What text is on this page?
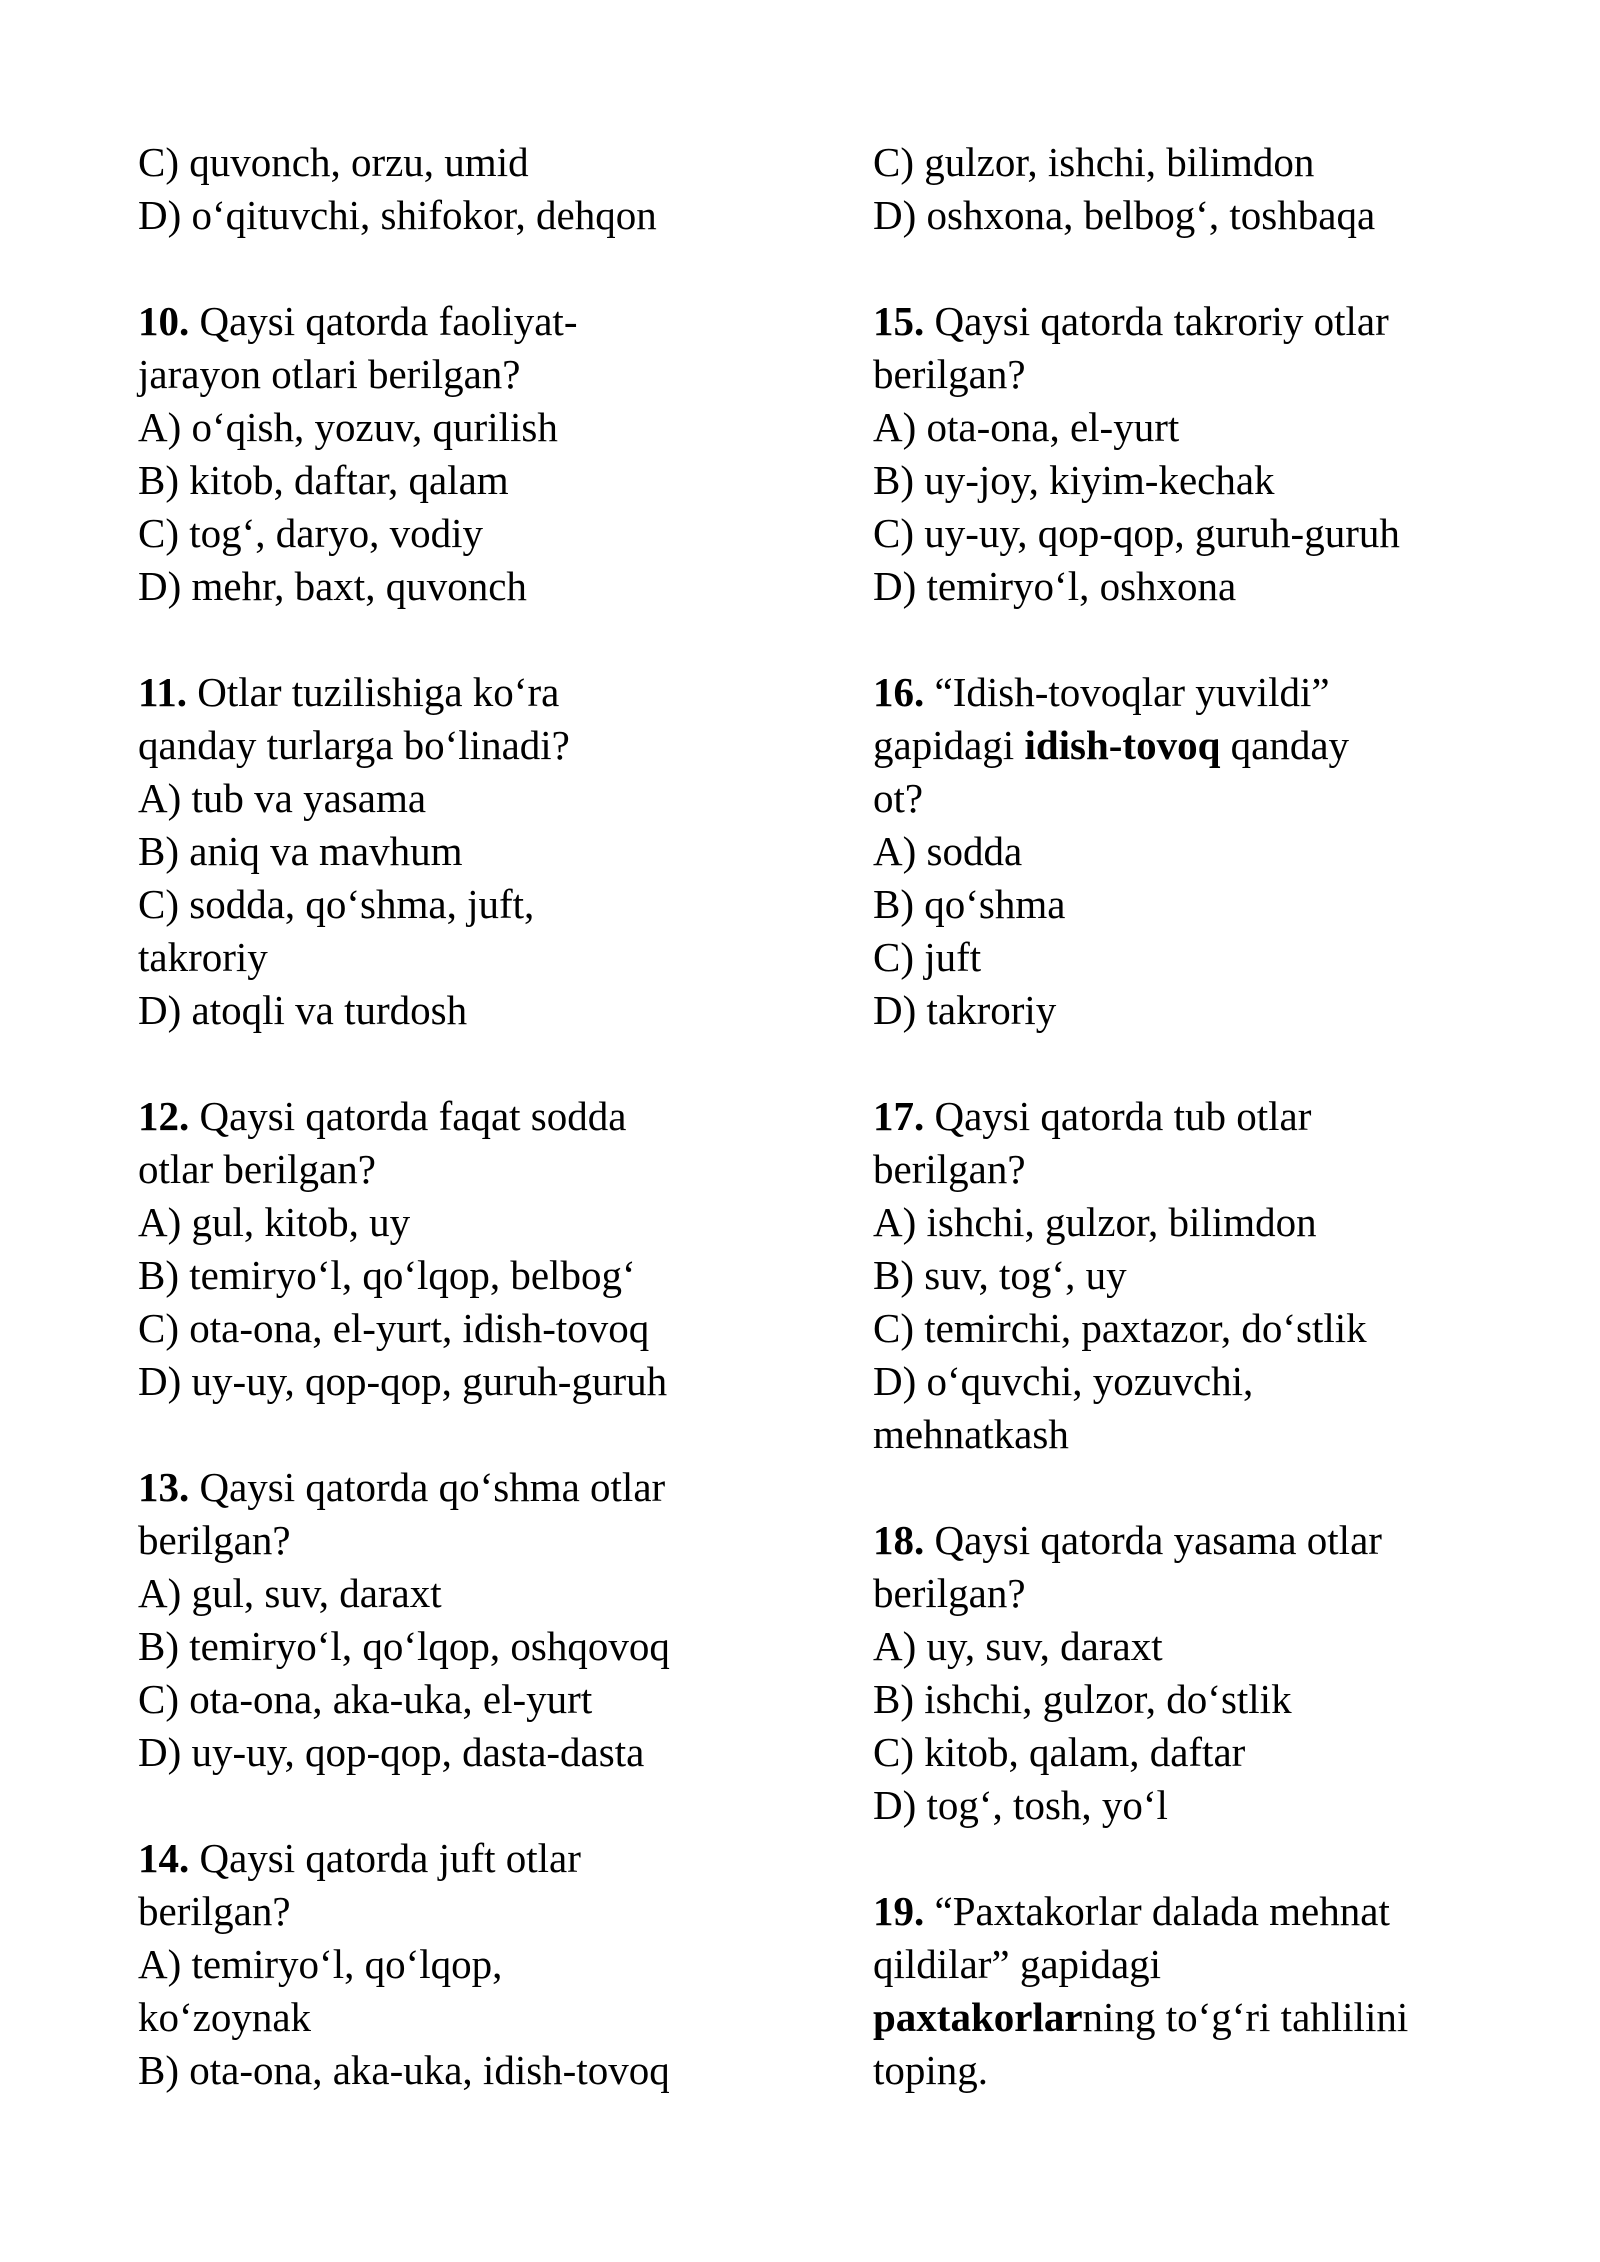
C) quvonch, orzu, umid
D) o‘qituvchi, shifokor, dehqon
10. Qaysi qatorda faoliyat-
jarayon otlari berilgan?
A) o‘qish, yozuv, qurilish
B) kitob, daftar, qalam
C) tog‘, daryo, vodiy
D) mehr, baxt, quvonch
11. Otlar tuzilishiga ko‘ra
qanday turlarga bo‘linadi?
A) tub va yasama
B) aniq va mavhum
C) sodda, qo‘shma, juft,
takroriy
D) atoqli va turdosh
12. Qaysi qatorda faqat sodda
otlar berilgan?
A) gul, kitob, uy
B) temiryo‘l, qo‘lqop, belbog‘
C) ota-ona, el-yurt, idish-tovoq
D) uy-uy, qop-qop, guruh-guruh
13. Qaysi qatorda qo‘shma otlar
berilgan?
A) gul, suv, daraxt
B) temiryo‘l, qo‘lqop, oshqovoq
C) ota-ona, aka-uka, el-yurt
D) uy-uy, qop-qop, dasta-dasta
14. Qaysi qatorda juft otlar
berilgan?
A) temiryo‘l, qo‘lqop,
ko‘zoynak
B) ota-ona, aka-uka, idish-tovoq
C) gulzor, ishchi, bilimdon
D) oshxona, belbog‘, toshbaqa
15. Qaysi qatorda takroriy otlar
berilgan?
A) ota-ona, el-yurt
B) uy-joy, kiyim-kechak
C) uy-uy, qop-qop, guruh-guruh
D) temiryo‘l, oshxona
16. “Idish-tovoqlar yuvildi”
gapidagi idish-tovoq qanday
ot?
A) sodda
B) qo‘shma
C) juft
D) takroriy
17. Qaysi qatorda tub otlar
berilgan?
A) ishchi, gulzor, bilimdon
B) suv, tog‘, uy
C) temirchi, paxtazor, do‘stlik
D) o‘quvchi, yozuvchi,
mehnatkash
18. Qaysi qatorda yasama otlar
berilgan?
A) uy, suv, daraxt
B) ishchi, gulzor, do‘stlik
C) kitob, qalam, daftar
D) tog‘, tosh, yo‘l
19. “Paxtakorlar dalada mehnat
qildilar” gapidagi
paxtakorlarning to‘g‘ri tahlilini
toping.
